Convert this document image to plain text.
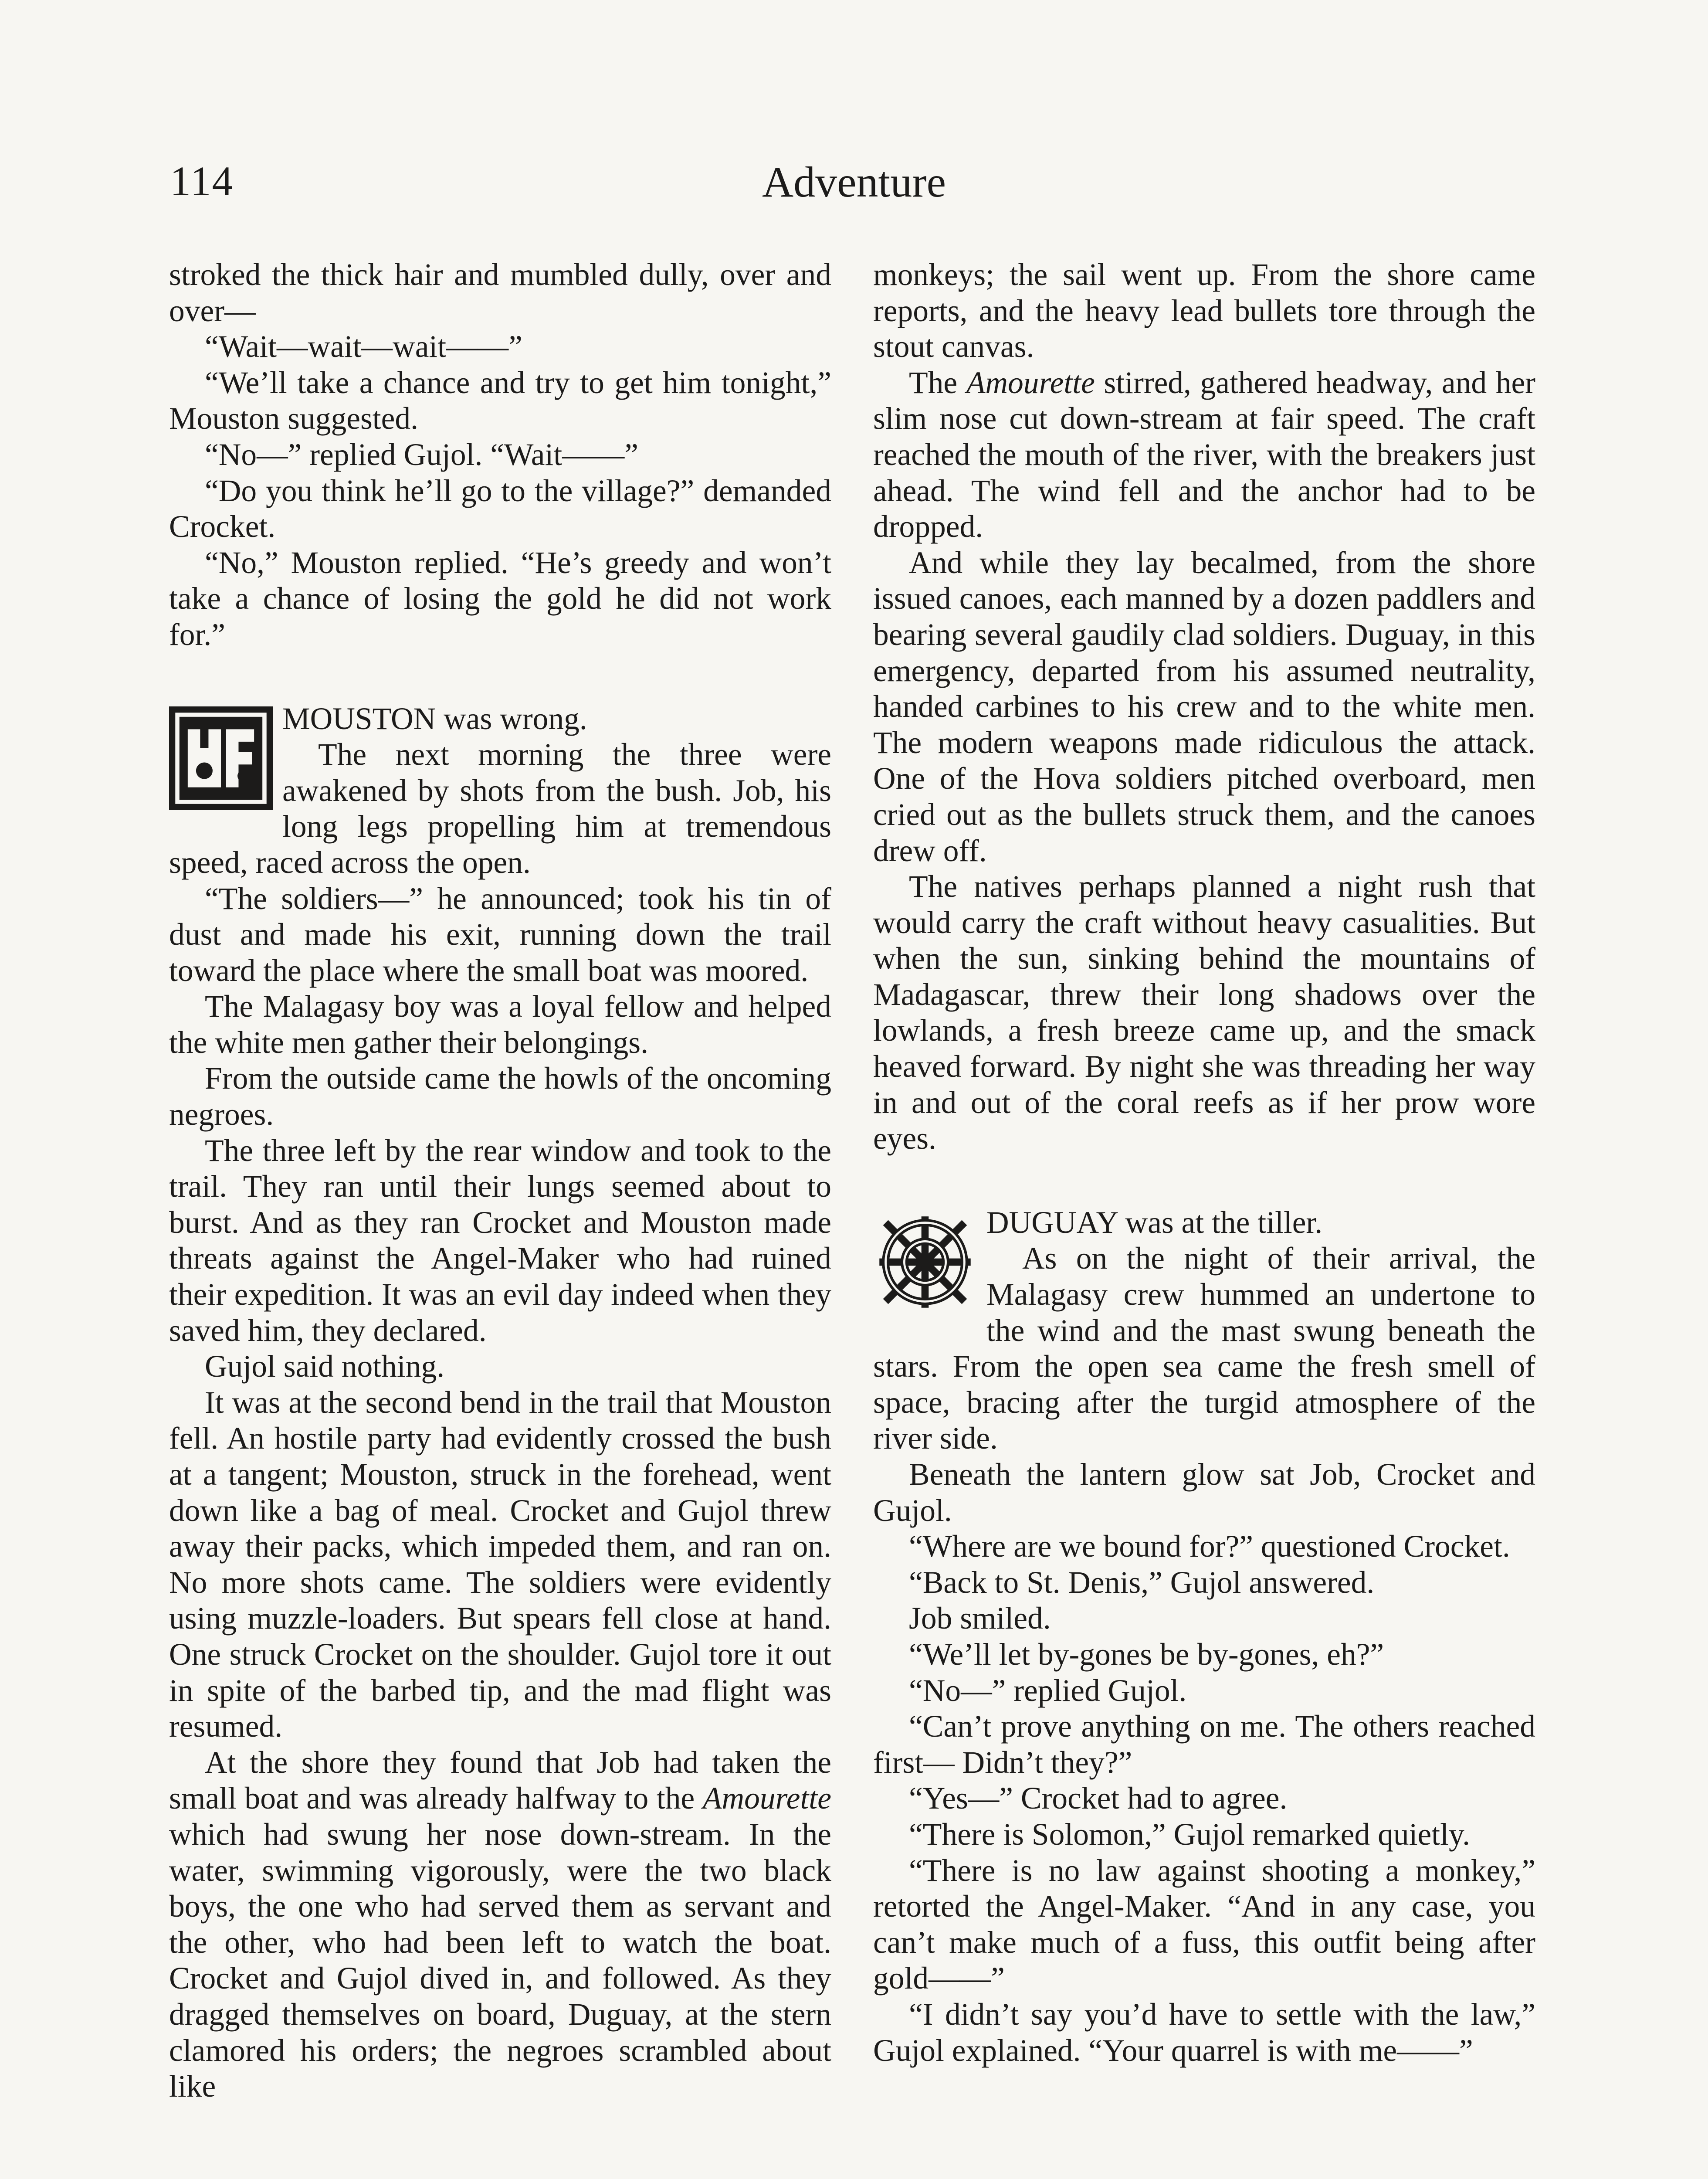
114	Adventure

stroked the thick hair and mumbled dully, over and over—

“Wait—wait—wait——”

“We’ll take a chance and try to get him tonight,” Mouston suggested.

“No—” replied Gujol. “Wait——”

“Do you think he’ll go to the village?” demanded Crocket.

“No,” Mouston replied. “He’s greedy and won’t take a chance of losing the gold he did not work for.”

MOUSTON was wrong.

The next morning the three were awakened by shots from the bush. Job, his long legs propelling him at tremendous speed, raced across the open.

“The soldiers—” he announced; took his tin of dust and made his exit, running down the trail toward the place where the small boat was moored.

The Malagasy boy was a loyal fellow and helped the white men gather their belongings.

From the outside came the howls of the oncoming negroes.

The three left by the rear window and took to the trail. They ran until their lungs seemed about to burst. And as they ran Crocket and Mouston made threats against the Angel-Maker who had ruined their expedition. It was an evil day indeed when they saved him, they declared.

Gujol said nothing.

It was at the second bend in the trail that Mouston fell. An hostile party had evidently crossed the bush at a tangent; Mouston, struck in the forehead, went down like a bag of meal. Crocket and Gujol threw away their packs, which impeded them, and ran on. No more shots came. The soldiers were evidently using muzzle-loaders. But spears fell close at hand. One struck Crocket on the shoulder. Gujol tore it out in spite of the barbed tip, and the mad flight was resumed.

At the shore they found that Job had taken the small boat and was already halfway to the Amourette which had swung her nose down-stream. In the water, swimming vigorously, were the two black boys, the one who had served them as servant and the other, who had been left to watch the boat. Crocket and Gujol dived in, and followed. As they dragged themselves on board, Duguay, at the stern clamored his orders; the negroes scrambled about like

monkeys; the sail went up. From the shore came reports, and the heavy lead bullets tore through the stout canvas.

The Amourette stirred, gathered headway, and her slim nose cut down-stream at fair speed. The craft reached the mouth of the river, with the breakers just ahead. The wind fell and the anchor had to be dropped.

And while they lay becalmed, from the shore issued canoes, each manned by a dozen paddlers and bearing several gaudily clad soldiers. Duguay, in this emergency, departed from his assumed neutrality, handed carbines to his crew and to the white men. The modern weapons made ridiculous the attack. One of the Hova soldiers pitched overboard, men cried out as the bullets struck them, and the canoes drew off.

The natives perhaps planned a night rush that would carry the craft without heavy casualities. But when the sun, sinking behind the mountains of Madagascar, threw their long shadows over the lowlands, a fresh breeze came up, and the smack heaved forward. By night she was threading her way in and out of the coral reefs as if her prow wore eyes.

DUGUAY was at the tiller.

As on the night of their arrival, the Malagasy crew hummed an undertone to the wind and the mast swung beneath the stars. From the open sea came the fresh smell of space, bracing after the turgid atmosphere of the river side.

Beneath the lantern glow sat Job, Crocket and Gujol.

“Where are we bound for?” questioned Crocket.

“Back to St. Denis,” Gujol answered.

Job smiled.

“We’ll let by-gones be by-gones, eh?”

“No—” replied Gujol.

“Can’t prove anything on me. The others reached first— Didn’t they?”

“Yes—” Crocket had to agree.

“There is Solomon,” Gujol remarked quietly.

“There is no law against shooting a monkey,” retorted the Angel-Maker. “And in any case, you can’t make much of a fuss, this outfit being after gold——”

“I didn’t say you’d have to settle with the law,” Gujol explained. “Your quarrel is with me——”
